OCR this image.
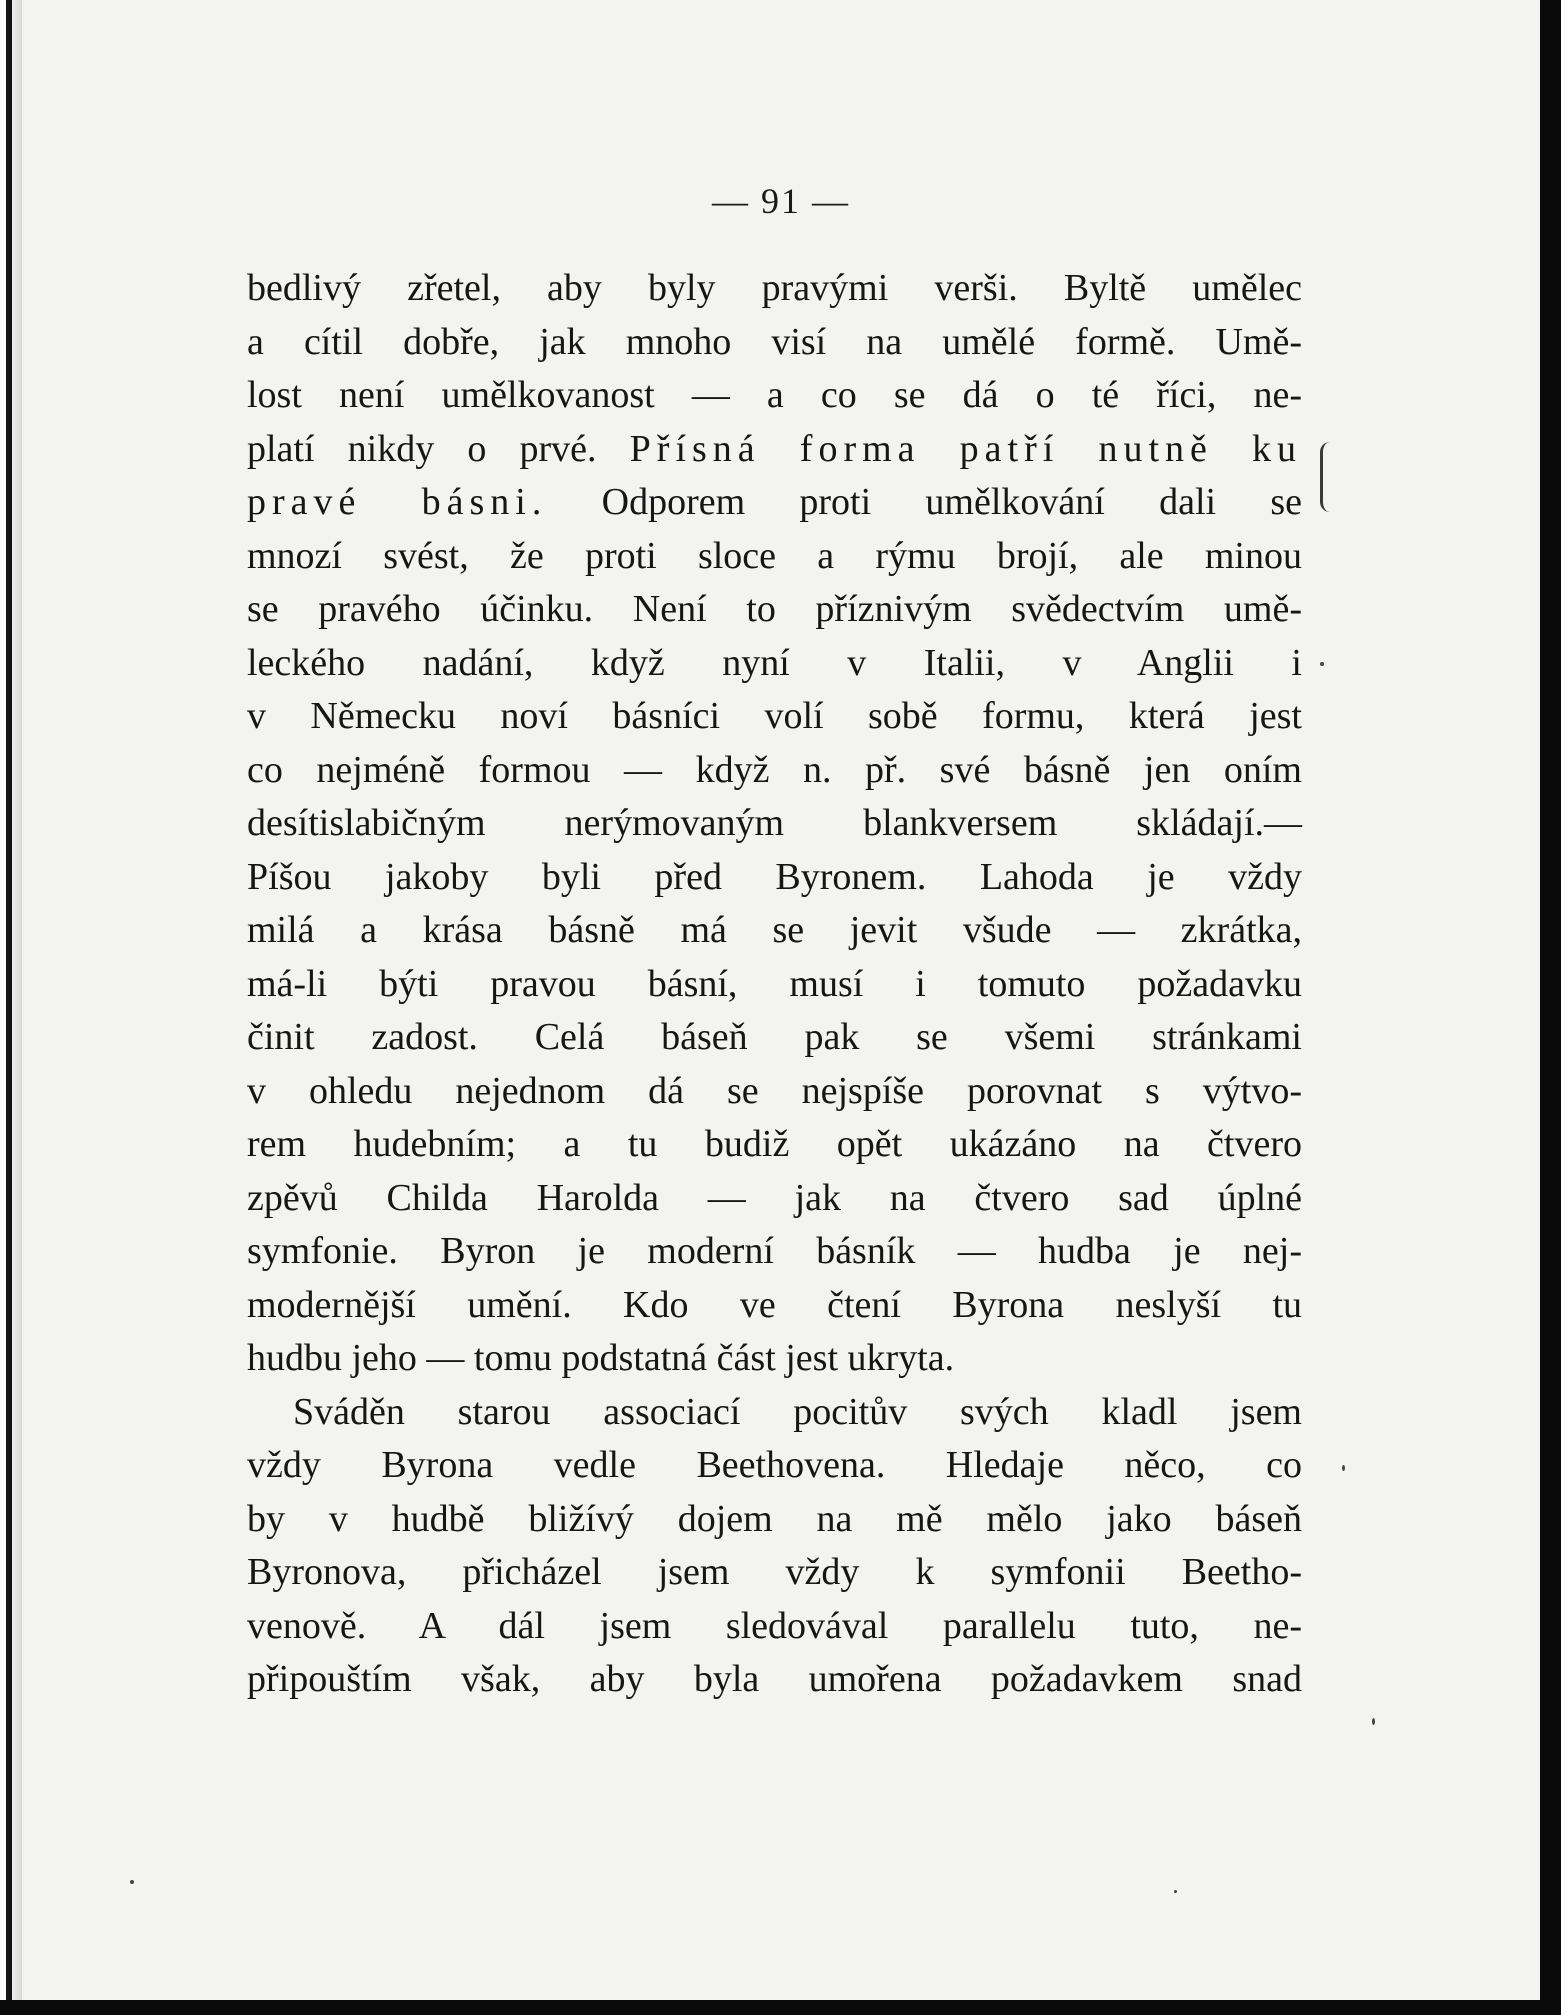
— 91 —
bedlivý zřetel, aby byly pravými verši. Byltě umělec
a cítil dobře, jak mnoho visí na umělé formě. Umě-
lost není umělkovanost — a co se dá o té říci, ne-
platí nikdy o prvé. Přísná forma patří nutně ku
pravé básni. Odporem proti umělkování dali se
mnozí svést, že proti sloce a rýmu brojí, ale minou
se pravého účinku. Není to příznivým svědectvím umě-
leckého nadání, když nyní v Italii, v Anglii i
v Německu noví básníci volí sobě formu, která jest
co nejméně formou — když n. př. své básně jen oním
desítislabičným nerýmovaným blankversem skládají.—
Píšou jakoby byli před Byronem. Lahoda je vždy
milá a krása básně má se jevit všude — zkrátka,
má-li býti pravou básní, musí i tomuto požadavku
činit zadost. Celá báseň pak se všemi stránkami
v ohledu nejednom dá se nejspíše porovnat s výtvo-
rem hudebním; a tu budiž opět ukázáno na čtvero
zpěvů Childa Harolda — jak na čtvero sad úplné
symfonie. Byron je moderní básník — hudba je nej-
modernější umění. Kdo ve čtení Byrona neslyší tu
hudbu jeho — tomu podstatná část jest ukryta.
Sváděn starou associací pocitův svých kladl jsem
vždy Byrona vedle Beethovena. Hledaje něco, co
by v hudbě bližívý dojem na mě mělo jako báseň
Byronova, přicházel jsem vždy k symfonii Beetho-
venově. A dál jsem sledovával parallelu tuto, ne-
připouštím však, aby byla umořena požadavkem snad
